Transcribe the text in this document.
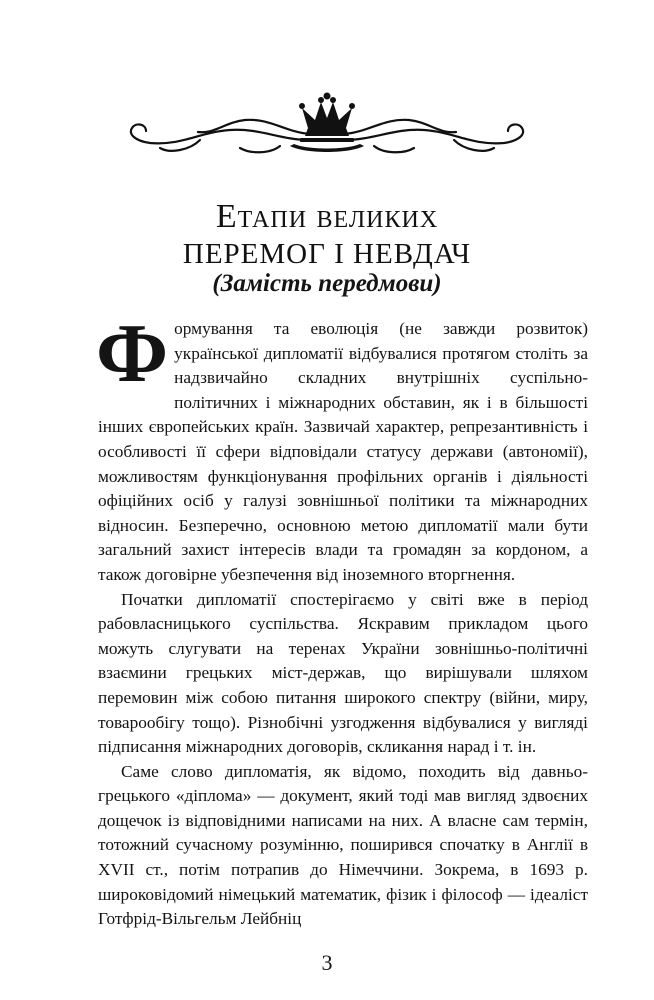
Етапи великих
ПЕРЕМОГ І НЕВДАЧ
(Замість передмови)

Формування та еволюція (не завжди розвиток) української дипломатії відбувалися протягом століть за надзвичайно складних внутрішніх суспільно-політичних і міжнародних обставин, як і в більшості інших європейських країн. Зазвичай характер, репрезантивність і особливості її сфери відповідали статусу держави (автономії), можливостям функціонування профільних органів і діяльності офіційних осіб у галузі зовнішньої політики та міжнародних відносин. Безперечно, основною метою дипломатії мали бути загальний захист інтересів влади та громадян за кордоном, а також договірне убезпечення від іноземного вторгнення.

Початки дипломатії спостерігаємо у світі вже в період рабовласницького суспільства. Яскравим прикладом цього можуть слугувати на теренах України зовнішньо-політичні взаємини грецьких міст-держав, що вирішували шляхом перемовин між собою питання широкого спектру (війни, миру, товарообігу тощо). Різнобічні узгодження відбувалися у вигляді підписання міжнародних договорів, скликання нарад і т. ін.

Саме слово дипломатія, як відомо, походить від давньогрецького «діплома» — документ, який тоді мав вигляд здвоєних дощечок із відповідними написами на них. А власне сам термін, тотожний сучасному розумінню, поширився спочатку в Англії в XVII ст., потім потрапив до Німеччини. Зокрема, в 1693 р. широковідомий німецький математик, фізик і філософ — ідеаліст Готфрід-Вільгельм Лейбніц

3
